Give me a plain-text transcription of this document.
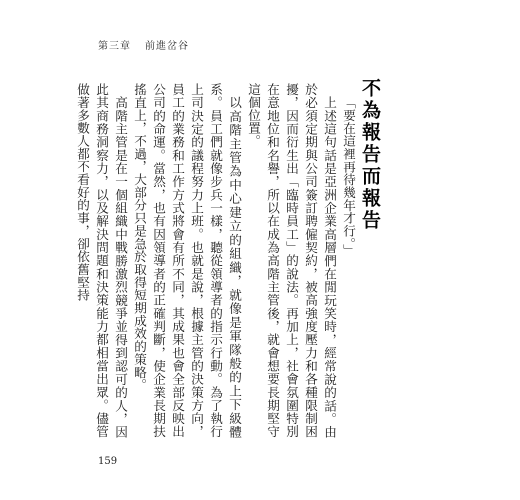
第三章 前進岔谷
不為報告而報告

「要在這裡再待幾年才行。」

上述這句話是亞洲企業高層們在閒玩笑時，經常說的話。由於必須定期與公司簽訂聘僱契約，被高強度壓力和各種限制困擾，因而衍生出「臨時員工」的說法。再加上，社會氛圍特別在意地位和名譽，所以在成為高階主管後，就會想要長期堅守這個位置。

以高階主管為中心建立的組織，就像是軍隊般的上下級體系。員工們就像步兵一樣，聽從領導者的指示行動。為了執行上司決定的議程努力上班。也就是說，根據主管的決策方向，員工的業務和工作方式將會有所不同，其成果也會全部反映出公司的命運。當然，也有因領導者的正確判斷，使企業長期扶搖直上，不過，大部分只是急於取得短期成效的策略。

高階主管是在一個組織中戰勝激烈競爭並得到認可的人，因此其商務洞察力，以及解決問題和決策能力都相當出眾。儘管做著多數人都不看好的事，卻依舊堅持

159
